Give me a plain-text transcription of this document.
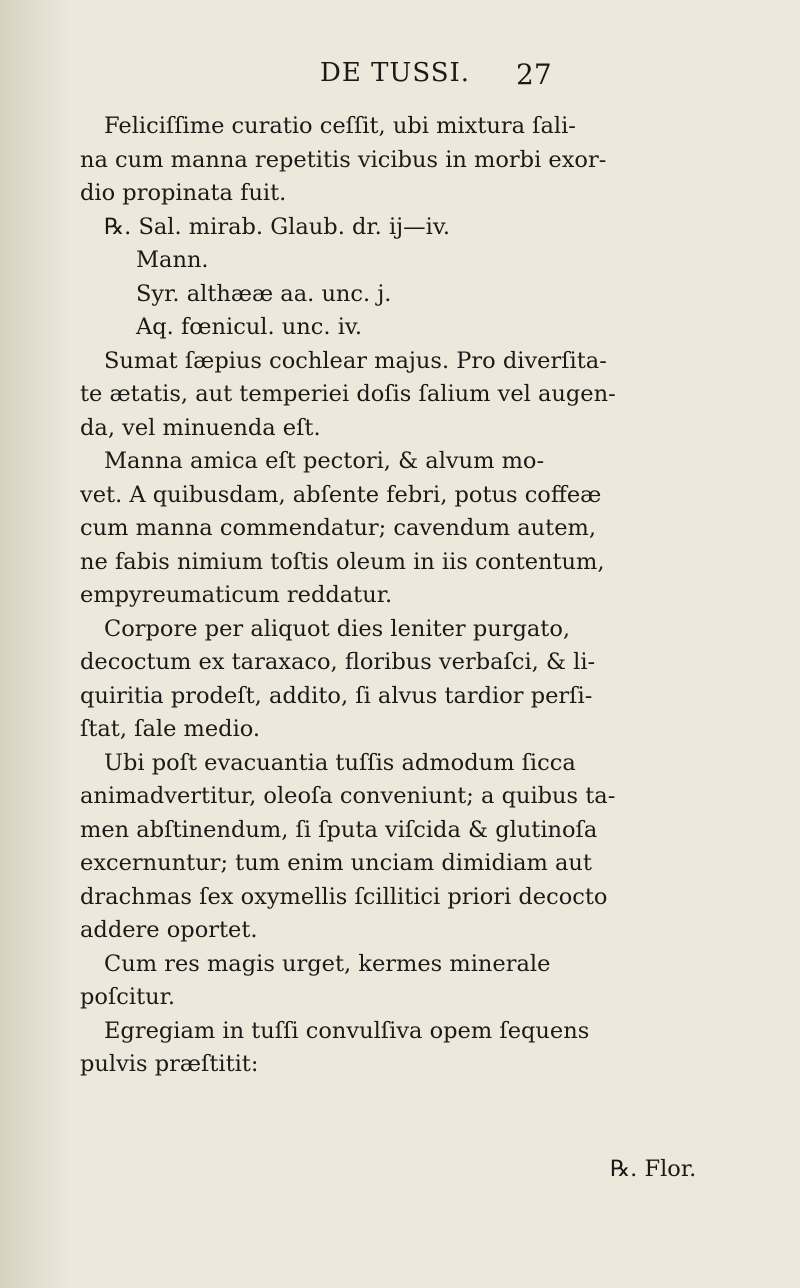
DE TUSSI. 27
Feliciſſime curatio ceſſit, ubi mixtura ſali-
na cum manna repetitis vicibus in morbi exor-
dio propinata fuit.
℞. Sal. mirab. Glaub. dr. ij—iv.
Mann.
Syr. althææ aa. unc. j.
Aq. fœnicul. unc. iv.
Sumat ſæpius cochlear majus. Pro diverſita-
te ætatis, aut temperiei doſis ſalium vel augen-
da, vel minuenda eſt.
Manna amica eſt pectori, & alvum mo-
vet. A quibusdam, abſente febri, potus coffeæ
cum manna commendatur; cavendum autem,
ne fabis nimium toſtis oleum in iis contentum,
empyreumaticum reddatur.
Corpore per aliquot dies leniter purgato,
decoctum ex taraxaco, floribus verbaſci, & li-
quiritia prodeſt, addito, ſi alvus tardior perſi-
ſtat, ſale medio.
Ubi poſt evacuantia tuſſis admodum ſicca
animadvertitur, oleoſa conveniunt; a quibus ta-
men abſtinendum, ſi ſputa viſcida & glutinoſa
excernuntur; tum enim unciam dimidiam aut
drachmas ſex oxymellis ſcillitici priori decocto
addere oportet.
Cum res magis urget, kermes minerale
poſcitur.
Egregiam in tuſſi convulſiva opem ſequens
pulvis præſtitit:
℞. Flor.
